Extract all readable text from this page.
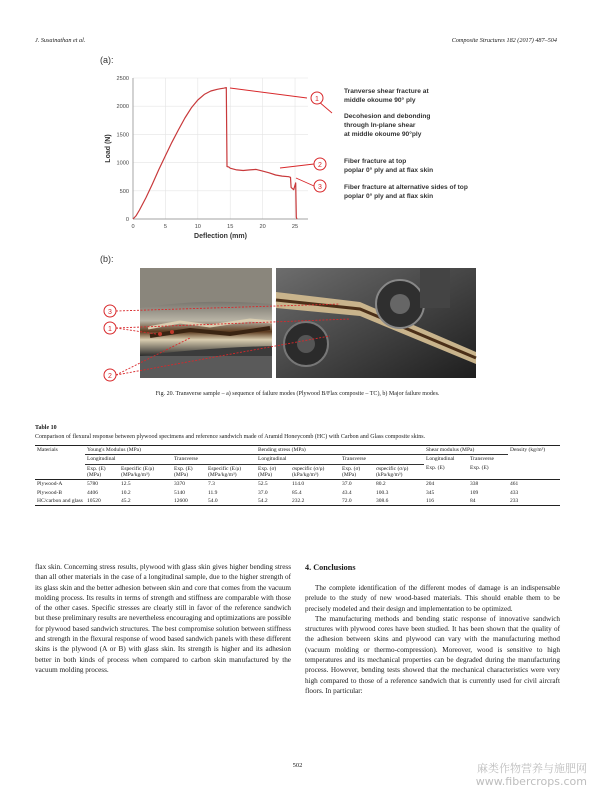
J. Susainathan et al.	Composite Structures 182 (2017) 487–504
(a):
(b):
0	5	10	15	20	25
0
500
1000
1500
2000
2500
Deflection (mm)
Load (N)
1
2
3
Tranverse shear fracture at
middle okoume 90° ply
Decohesion and debonding
through In-plane shear
at middle okoume 90°ply
Fiber fracture at top
poplar 0° ply and at flax skin
Fiber fracture at alternative sides of top
poplar 0° ply and at flax skin
3
1
2
Fig. 20. Transverse sample – a) sequence of failure modes (Plywood B/Flax composite – TC), b) Major failure modes.
Table 10
Comparison of flexural response between plywood specimens and reference sandwich made of Aramid Honeycomb (HC) with Carbon and Glass composite skins.
Materials	Young's Modulus (MPa)				Bending stress (MPa)				Shear modulus (MPa)		Density (kg/m³)
	Longitudinal		Transverse		Longitudinal		Transverse		Longitudinal	Transverse	
	Exp. (E) (MPa)	Especific (E/ρ) (MPa/kg/m³)	Exp. (E) (MPa)	Especific (E/ρ) (MPa/kg/m³)	Exp. (σ) (MPa)	σspecific (σ/ρ) (kPa/kg/m³)	Exp. (σ) (MPa)	σspecific (σ/ρ) (kPa/kg/m³)	Exp. (E)	Exp. (E)	
Plywood-A	5780	12.5	3370	7.3	52.5	114.0	37.0	80.2	204	338	461
Plywood-B	4406	10.2	5140	11.9	37.0	85.4	43.4	100.3	345	109	433
HC/carbon and glass	10520	45.2	12600	54.0	54.2	232.2	72.0	308.6	116	84	233

flax skin. Concerning stress results, plywood with glass skin gives higher bending stress than all other materials in the case of a longitudinal sample, due to the higher strength of its glass skin and the better adhesion between skin and core that comes from the vacuum molding process. Its results in terms of strength and stiffness are comparable with those of the other cases. Specific stresses are clearly still in favor of the reference sandwich but these preliminary results are nevertheless encouraging and optimizations are possible for plywood based sandwich structures. The best compromise solution between stiffness and strength in the flexural response of wood based sandwich panels with these different skins is the plywood (A or B) with glass skin. Its strength is higher and its adhesion better in both kinds of process when compared to carbon skin manufactured by the vacuum molding process.

4. Conclusions

The complete identification of the different modes of damage is an indispensable prelude to the study of new wood-based materials. This should enable them to be precisely modeled and their design and implementation to be optimized.

The manufacturing methods and bending static response of innovative sandwich structures with plywood cores have been studied. It has been shown that the quality of the adhesion between skins and plywood can vary with the manufacturing method (vacuum molding or thermo-compression). Moreover, wood is sensitive to high temperatures and its mechanical properties can be degraded during the manufacturing process. However, bending tests showed that the mechanical characteristics were very high compared to those of a reference sandwich that is currently used for civil aircraft floors. In particular:

502	麻类作物营养与施肥网
www.fibercrops.com
